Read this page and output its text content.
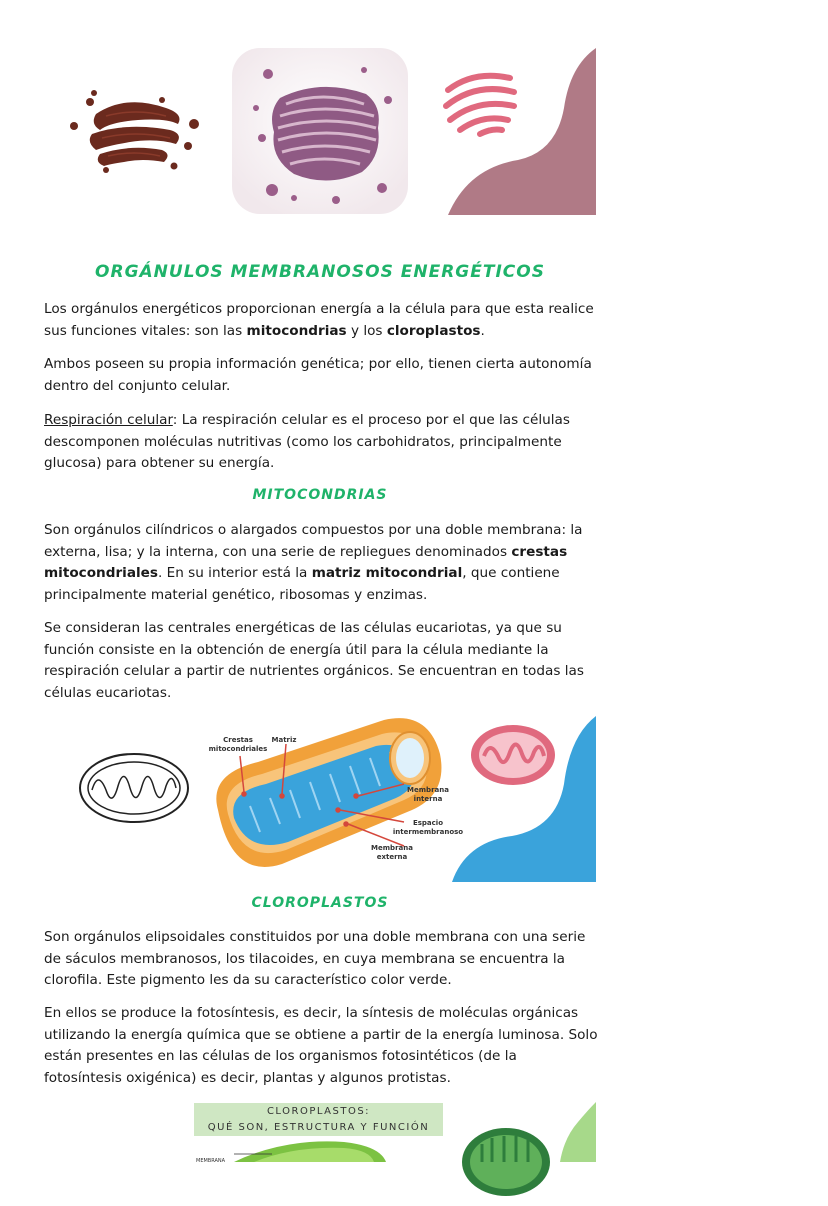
ORGÁNULOS MEMBRANOSOS ENERGÉTICOS

Los orgánulos energéticos proporcionan energía a la célula para que esta realice sus funciones vitales: son las mitocondrias y los cloroplastos.

Ambos poseen su propia información genética; por ello, tienen cierta autonomía dentro del conjunto celular.

Respiración celular: La respiración celular es el proceso por el que las células descomponen moléculas nutritivas (como los carbohidratos, principalmente glucosa) para obtener su energía.

MITOCONDRIAS

Son orgánulos cilíndricos o alargados compuestos por una doble membrana: la externa, lisa; y la interna, con una serie de repliegues denominados crestas mitocondriales. En su interior está la matriz mitocondrial, que contiene principalmente material genético, ribosomas y enzimas.

Se consideran las centrales energéticas de las células eucariotas, ya que su función consiste en la obtención de energía útil para la célula mediante la respiración celular a partir de nutrientes orgánicos. Se encuentran en todas las células eucariotas.

Crestas
mitocondriales
Matriz
Membrana
interna
Espacio
intermembranoso
Membrana
externa
CLOROPLASTOS

Son orgánulos elipsoidales constituidos por una doble membrana con una serie de sáculos membranosos, los tilacoides, en cuya membrana se encuentra la clorofila. Este pigmento les da su característico color verde.

En ellos se produce la fotosíntesis, es decir, la síntesis de moléculas orgánicas utilizando la energía química que se obtiene a partir de la energía luminosa. Solo están presentes en las células de los organismos fotosintéticos (de la fotosíntesis oxigénica) es decir, plantas y algunos protistas.

CLOROPLASTOS:
QUÉ SON, ESTRUCTURA Y FUNCIÓN
MEMBRANA
